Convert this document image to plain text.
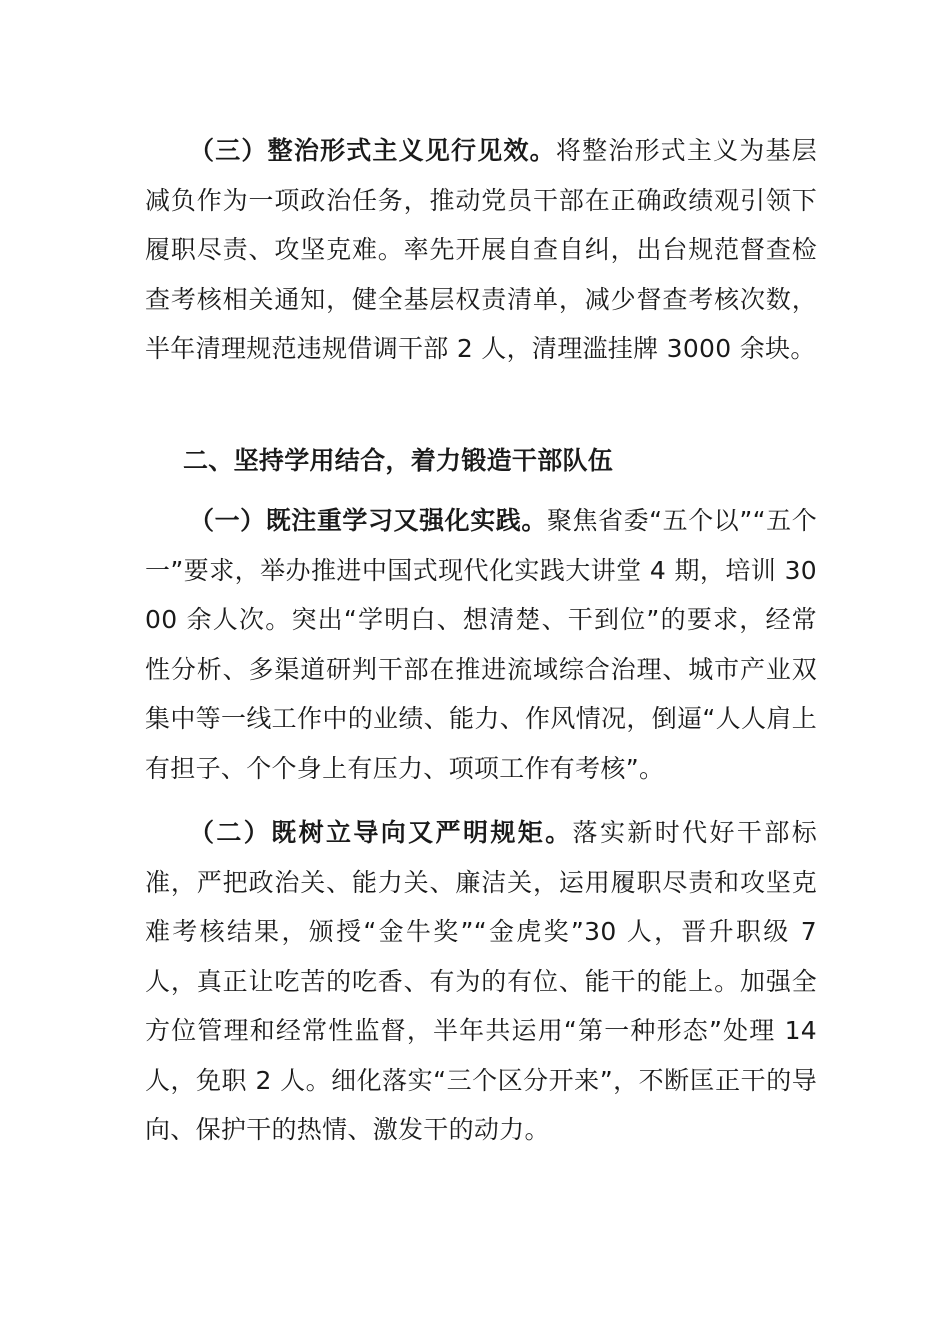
（三）整治形式主义见行见效。将整治形式主义为基层减负作为一项政治任务，推动党员干部在正确政绩观引领下履职尽责、攻坚克难。率先开展自查自纠，出台规范督查检查考核相关通知，健全基层权责清单，减少督查考核次数，半年清理规范违规借调干部 2 人，清理滥挂牌 3000 余块。

二、坚持学用结合，着力锻造干部队伍

（一）既注重学习又强化实践。聚焦省委“五个以”“五个一”要求，举办推进中国式现代化实践大讲堂 4 期，培训 3000 余人次。突出“学明白、想清楚、干到位”的要求，经常性分析、多渠道研判干部在推进流域综合治理、城市产业双集中等一线工作中的业绩、能力、作风情况，倒逼“人人肩上有担子、个个身上有压力、项项工作有考核”。

（二）既树立导向又严明规矩。落实新时代好干部标准，严把政治关、能力关、廉洁关，运用履职尽责和攻坚克难考核结果，颁授“金牛奖”“金虎奖”30 人，晋升职级 7 人，真正让吃苦的吃香、有为的有位、能干的能上。加强全方位管理和经常性监督，半年共运用“第一种形态”处理 14 人，免职 2 人。细化落实“三个区分开来”，不断匡正干的导向、保护干的热情、激发干的动力。
